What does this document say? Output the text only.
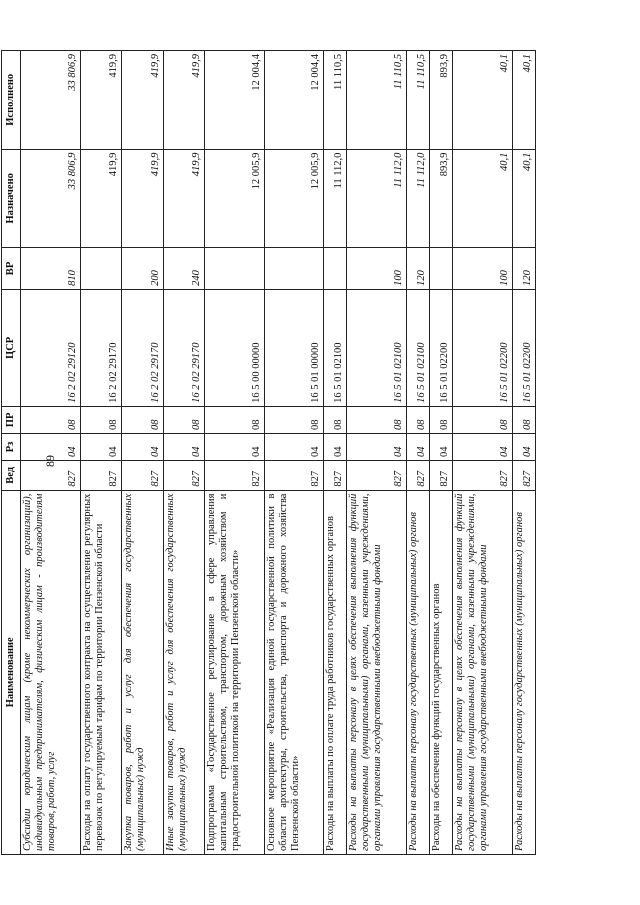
89
Наименование	Вед	Рз	ПР	ЦСР	ВР	Назначено	Исполнено
Субсидии юридическим лицам (кроме некоммерческих организаций), индивидуальным предпринимателям, физическим лицам - производителям товаров, работ, услуг	827	04	08	16 2 02 29120	810	33 806,9	33 806,9
Расходы на оплату государственного контракта на осуществление регулярных перевозок по регулируемым тарифам по территории Пензенской области	827	04	08	16 2 02 29170		419,9	419,9
Закупка товаров, работ и услуг для обеспечения государственных (муниципальных) нужд	827	04	08	16 2 02 29170	200	419,9	419,9
Иные закупки товаров, работ и услуг для обеспечения государственных (муниципальных) нужд	827	04	08	16 2 02 29170	240	419,9	419,9
Подпрограмма «Государственное регулирование в сфере управления капитальным строительством, транспортом, дорожным хозяйством и градостроительной политикой на территории Пензенской области»	827	04	08	16 5 00 00000		12 005,9	12 004,4
Основное мероприятие «Реализация единой государственной политики в области архитектуры, строительства, транспорта и дорожного хозяйства Пензенской области»	827	04	08	16 5 01 00000		12 005,9	12 004,4
Расходы на выплаты по оплате труда работников государственных органов	827	04	08	16 5 01 02100		11 112,0	11 110,5
Расходы на выплаты персоналу в целях обеспечения выполнения функций государственными (муниципальными) органами, казенными учреждениями, органами управления государственными внебюджетными фондами	827	04	08	16 5 01 02100	100	11 112,0	11 110,5
Расходы на выплаты персоналу государственных (муниципальных) органов	827	04	08	16 5 01 02100	120	11 112,0	11 110,5
Расходы на обеспечение функций государственных органов	827	04	08	16 5 01 02200		893,9	893,9
Расходы на выплаты персоналу в целях обеспечения выполнения функций государственными (муниципальными) органами, казенными учреждениями, органами управления государственными внебюджетными фондами	827	04	08	16 5 01 02200	100	40,1	40,1
Расходы на выплаты персоналу государственных (муниципальных) органов	827	04	08	16 5 01 02200	120	40,1	40,1
